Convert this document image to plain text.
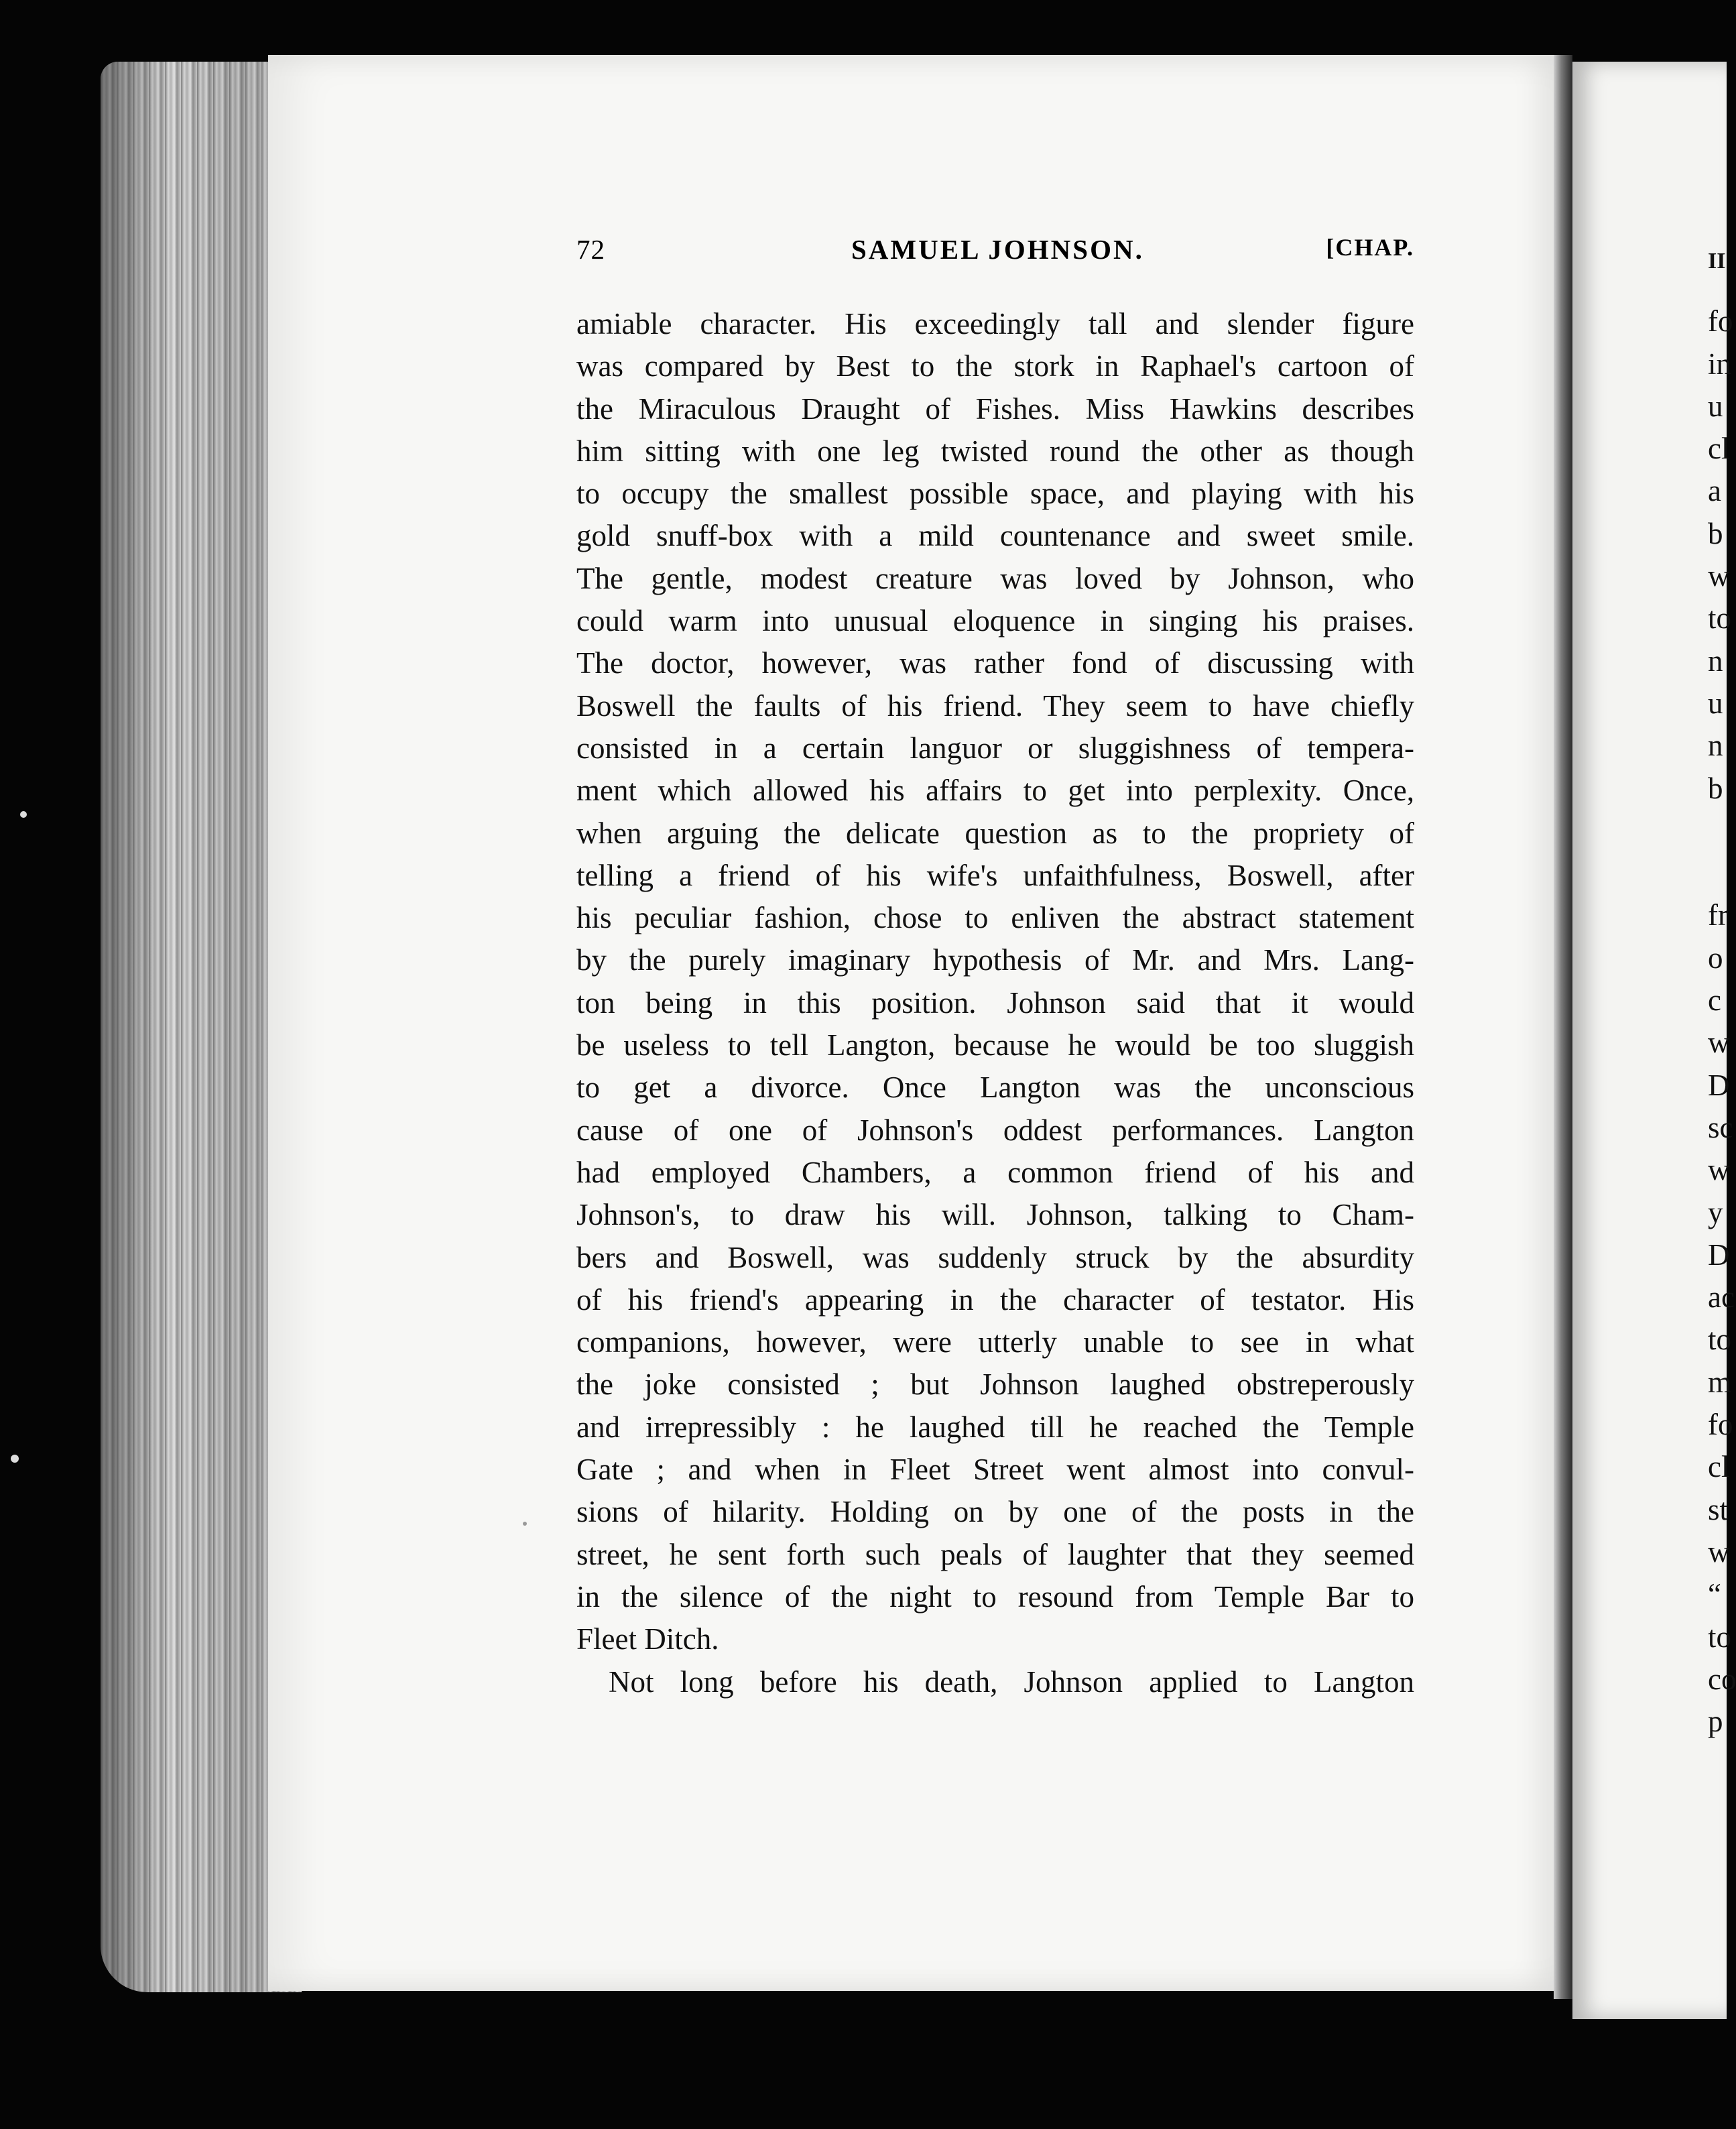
72	SAMUEL JOHNSON.	[CHAP.
amiable character. His exceedingly tall and slender figure
was compared by Best to the stork in Raphael's cartoon of
the Miraculous Draught of Fishes. Miss Hawkins describes
him sitting with one leg twisted round the other as though
to occupy the smallest possible space, and playing with his
gold snuff-box with a mild countenance and sweet smile.
The gentle, modest creature was loved by Johnson, who
could warm into unusual eloquence in singing his praises.
The doctor, however, was rather fond of discussing with
Boswell the faults of his friend. They seem to have chiefly
consisted in a certain languor or sluggishness of tempera-
ment which allowed his affairs to get into perplexity. Once,
when arguing the delicate question as to the propriety of
telling a friend of his wife's unfaithfulness, Boswell, after
his peculiar fashion, chose to enliven the abstract statement
by the purely imaginary hypothesis of Mr. and Mrs. Lang-
ton being in this position. Johnson said that it would
be useless to tell Langton, because he would be too sluggish
to get a divorce. Once Langton was the unconscious
cause of one of Johnson's oddest performances. Langton
had employed Chambers, a common friend of his and
Johnson's, to draw his will. Johnson, talking to Cham-
bers and Boswell, was suddenly struck by the absurdity
of his friend's appearing in the character of testator. His
companions, however, were utterly unable to see in what
the joke consisted ; but Johnson laughed obstreperously
and irrepressibly : he laughed till he reached the Temple
Gate ; and when in Fleet Street went almost into convul-
sions of hilarity. Holding on by one of the posts in the
street, he sent forth such peals of laughter that they seemed
in the silence of the night to resound from Temple Bar to
Fleet Ditch.
Not long before his death, Johnson applied to Langton
II
fo
in
u
cl
a
b
w
to
n
u
n
b
fr
o
c
w
D
sc
w
y
D
ac
to
m
fo
cl
st
w
“
to
co
p
